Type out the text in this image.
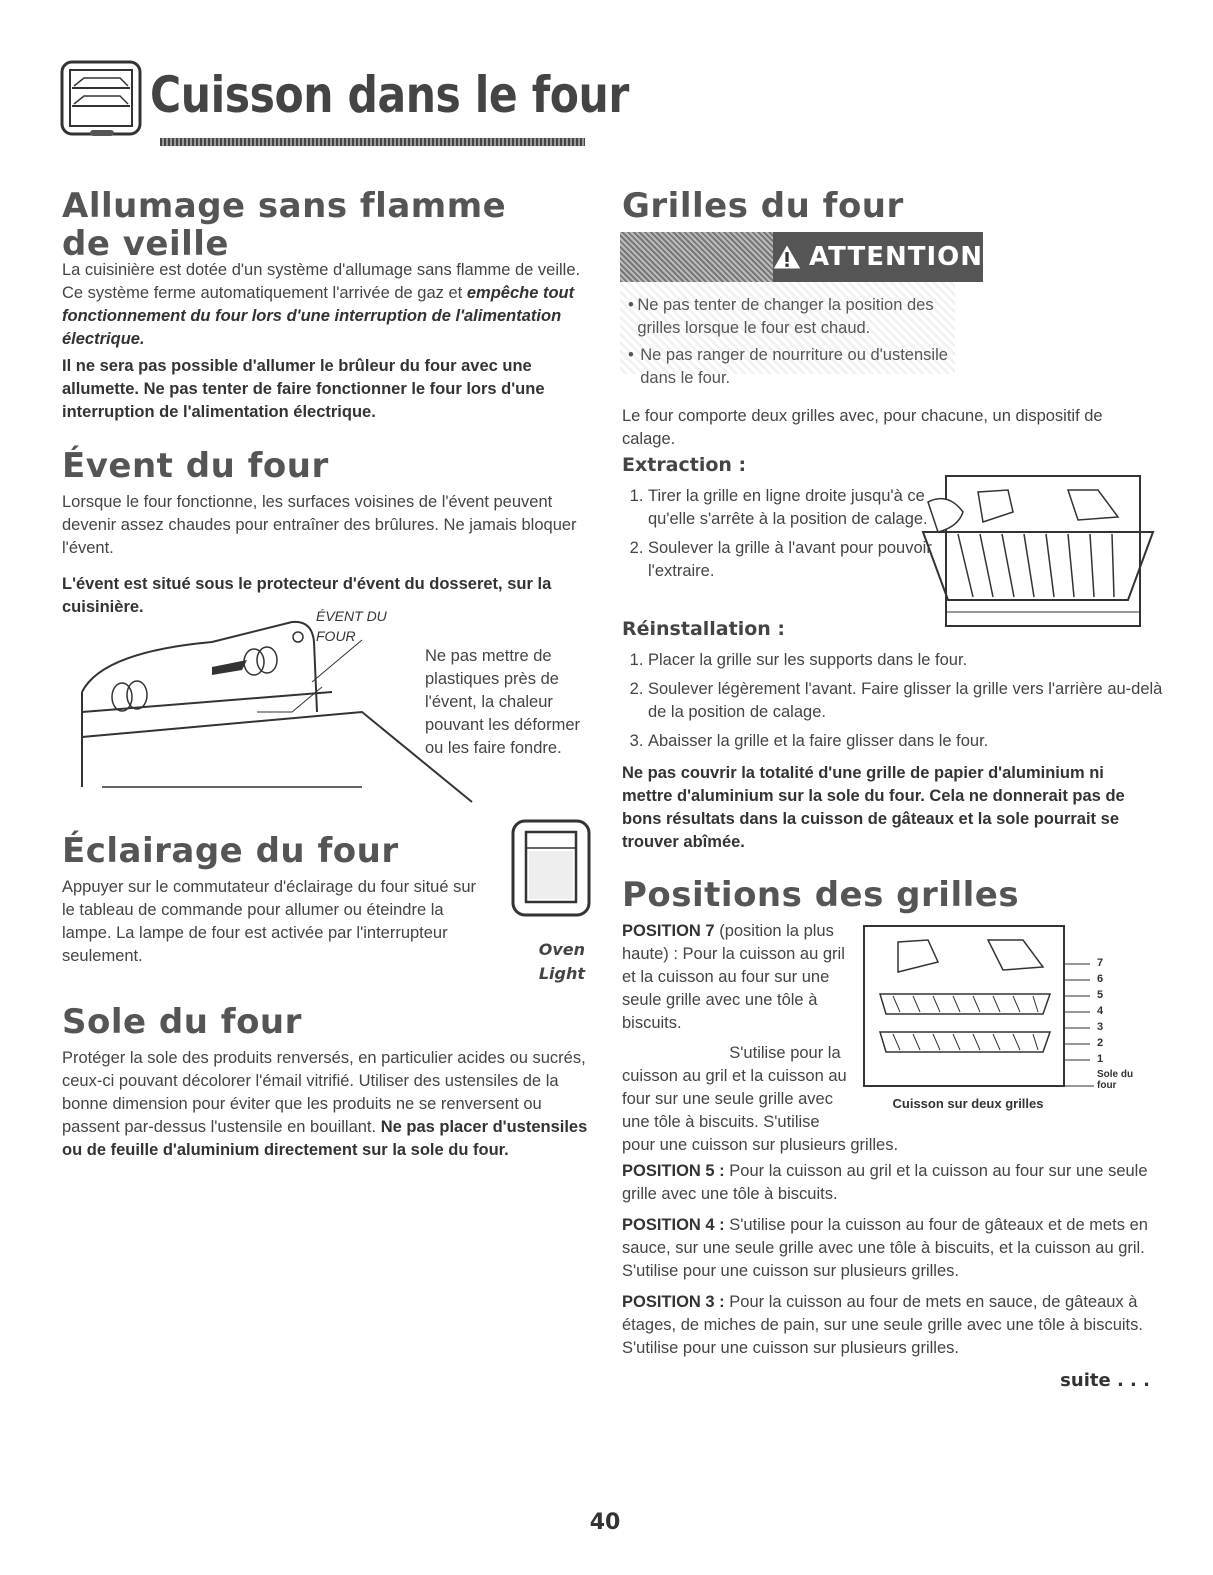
Cuisson dans le four
Allumage sans flamme de veille
La cuisinière est dotée d'un système d'allumage sans flamme de veille. Ce système ferme automatiquement l'arrivée de gaz et empêche tout fonctionnement du four lors d'une interruption de l'alimentation électrique.
Il ne sera pas possible d'allumer le brûleur du four avec une allumette. Ne pas tenter de faire fonctionner le four lors d'une interruption de l'alimentation électrique.
Évent du four
Lorsque le four fonctionne, les surfaces voisines de l'évent peuvent devenir assez chaudes pour entraîner des brûlures. Ne jamais bloquer l'évent.
L'évent est situé sous le protecteur d'évent du dosseret, sur la cuisinière.	ÉVENT DU FOUR
Ne pas mettre de plastiques près de l'évent, la chaleur pouvant les déformer ou les faire fondre.
Éclairage du four
Appuyer sur le commutateur d'éclairage du four situé sur le tableau de commande pour allumer ou éteindre la lampe. La lampe de four est activée par l'interrupteur seulement.	Oven Light
Sole du four
Protéger la sole des produits renversés, en particulier acides ou sucrés, ceux-ci pouvant décolorer l'émail vitrifié. Utiliser des ustensiles de la bonne dimension pour éviter que les produits ne se renversent ou passent par-dessus l'ustensile en bouillant. Ne pas placer d'ustensiles ou de feuille d'aluminium directement sur la sole du four.
Grilles du four
ATTENTION
• Ne pas tenter de changer la position des grilles lorsque le four est chaud.
• Ne pas ranger de nourriture ou d'ustensile dans le four.
Le four comporte deux grilles avec, pour chacune, un dispositif de calage.
Extraction :
1. Tirer la grille en ligne droite jusqu'à ce qu'elle s'arrête à la position de calage.
2. Soulever la grille à l'avant pour pouvoir l'extraire.
Réinstallation :
1. Placer la grille sur les supports dans le four.
2. Soulever légèrement l'avant. Faire glisser la grille vers l'arrière au-delà de la position de calage.
3. Abaisser la grille et la faire glisser dans le four.
Ne pas couvrir la totalité d'une grille de papier d'aluminium ni mettre d'aluminium sur la sole du four. Cela ne donnerait pas de bons résultats dans la cuisson de gâteaux et la sole pourrait se trouver abîmée.
Positions des grilles
POSITION 7 (position la plus haute) : Pour la cuisson au gril et la cuisson au four sur une seule grille avec une tôle à biscuits.
7
6
5
4
3
2
1
Sole du four
Cuisson sur deux grilles
S'utilise pour la cuisson au gril et la cuisson au four sur une seule grille avec une tôle à biscuits. S'utilise pour une cuisson sur plusieurs grilles.
POSITION 5 : Pour la cuisson au gril et la cuisson au four sur une seule grille avec une tôle à biscuits.
POSITION 4 : S'utilise pour la cuisson au four de gâteaux et de mets en sauce, sur une seule grille avec une tôle à biscuits, et la cuisson au gril. S'utilise pour une cuisson sur plusieurs grilles.
POSITION 3 : Pour la cuisson au four de mets en sauce, de gâteaux à étages, de miches de pain, sur une seule grille avec une tôle à biscuits. S'utilise pour une cuisson sur plusieurs grilles.
suite . . .
40
